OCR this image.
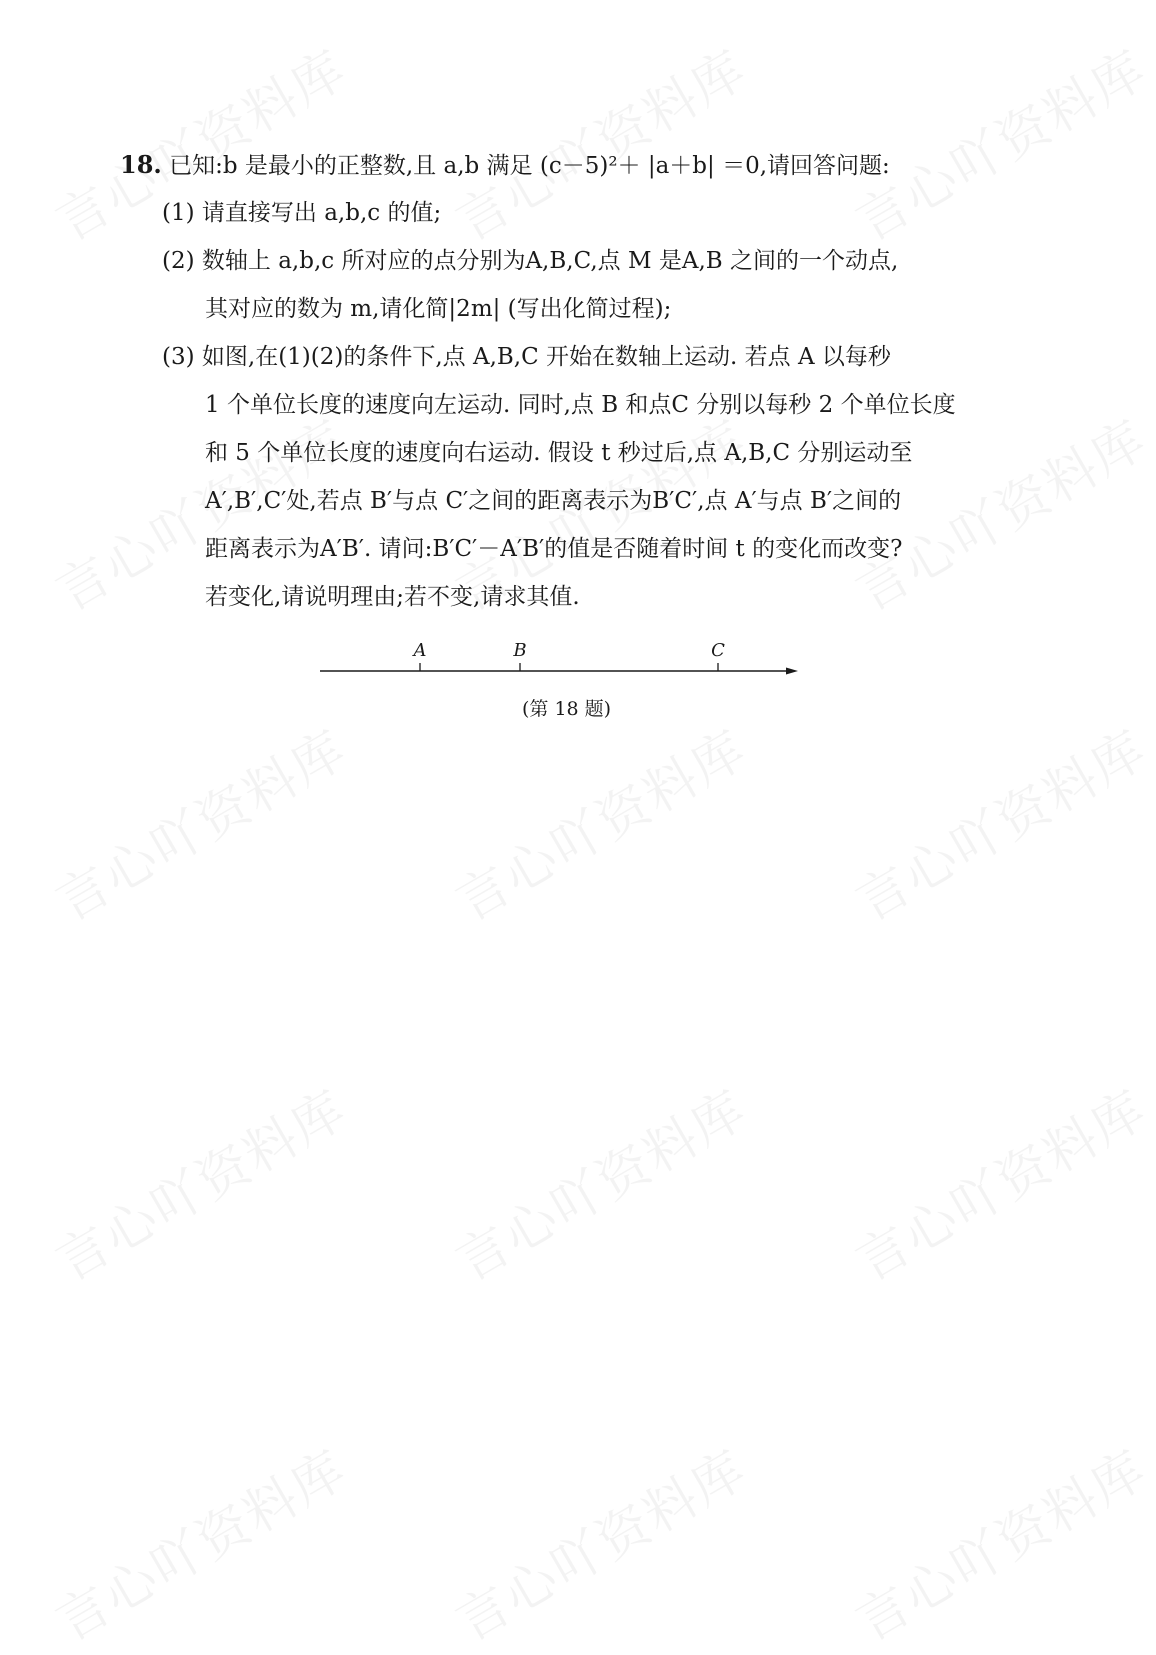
18. 已知:b 是最小的正整数,且 a,b 满足 (c－5)²＋ |a＋b| ＝0,请回答问题:
(1) 请直接写出 a,b,c 的值;
(2) 数轴上 a,b,c 所对应的点分别为A,B,C,点 M 是A,B 之间的一个动点,
其对应的数为 m,请化简|2m| (写出化简过程);
(3) 如图,在(1)(2)的条件下,点 A,B,C 开始在数轴上运动. 若点 A 以每秒
1 个单位长度的速度向左运动. 同时,点 B 和点C 分别以每秒 2 个单位长度
和 5 个单位长度的速度向右运动. 假设 t 秒过后,点 A,B,C 分别运动至
A′,B′,C′处,若点 B′与点 C′之间的距离表示为B′C′,点 A′与点 B′之间的
距离表示为A′B′. 请问:B′C′－A′B′的值是否随着时间 t 的变化而改变?
若变化,请说明理由;若不变,请求其值.
A	B	C
(第 18 题)
